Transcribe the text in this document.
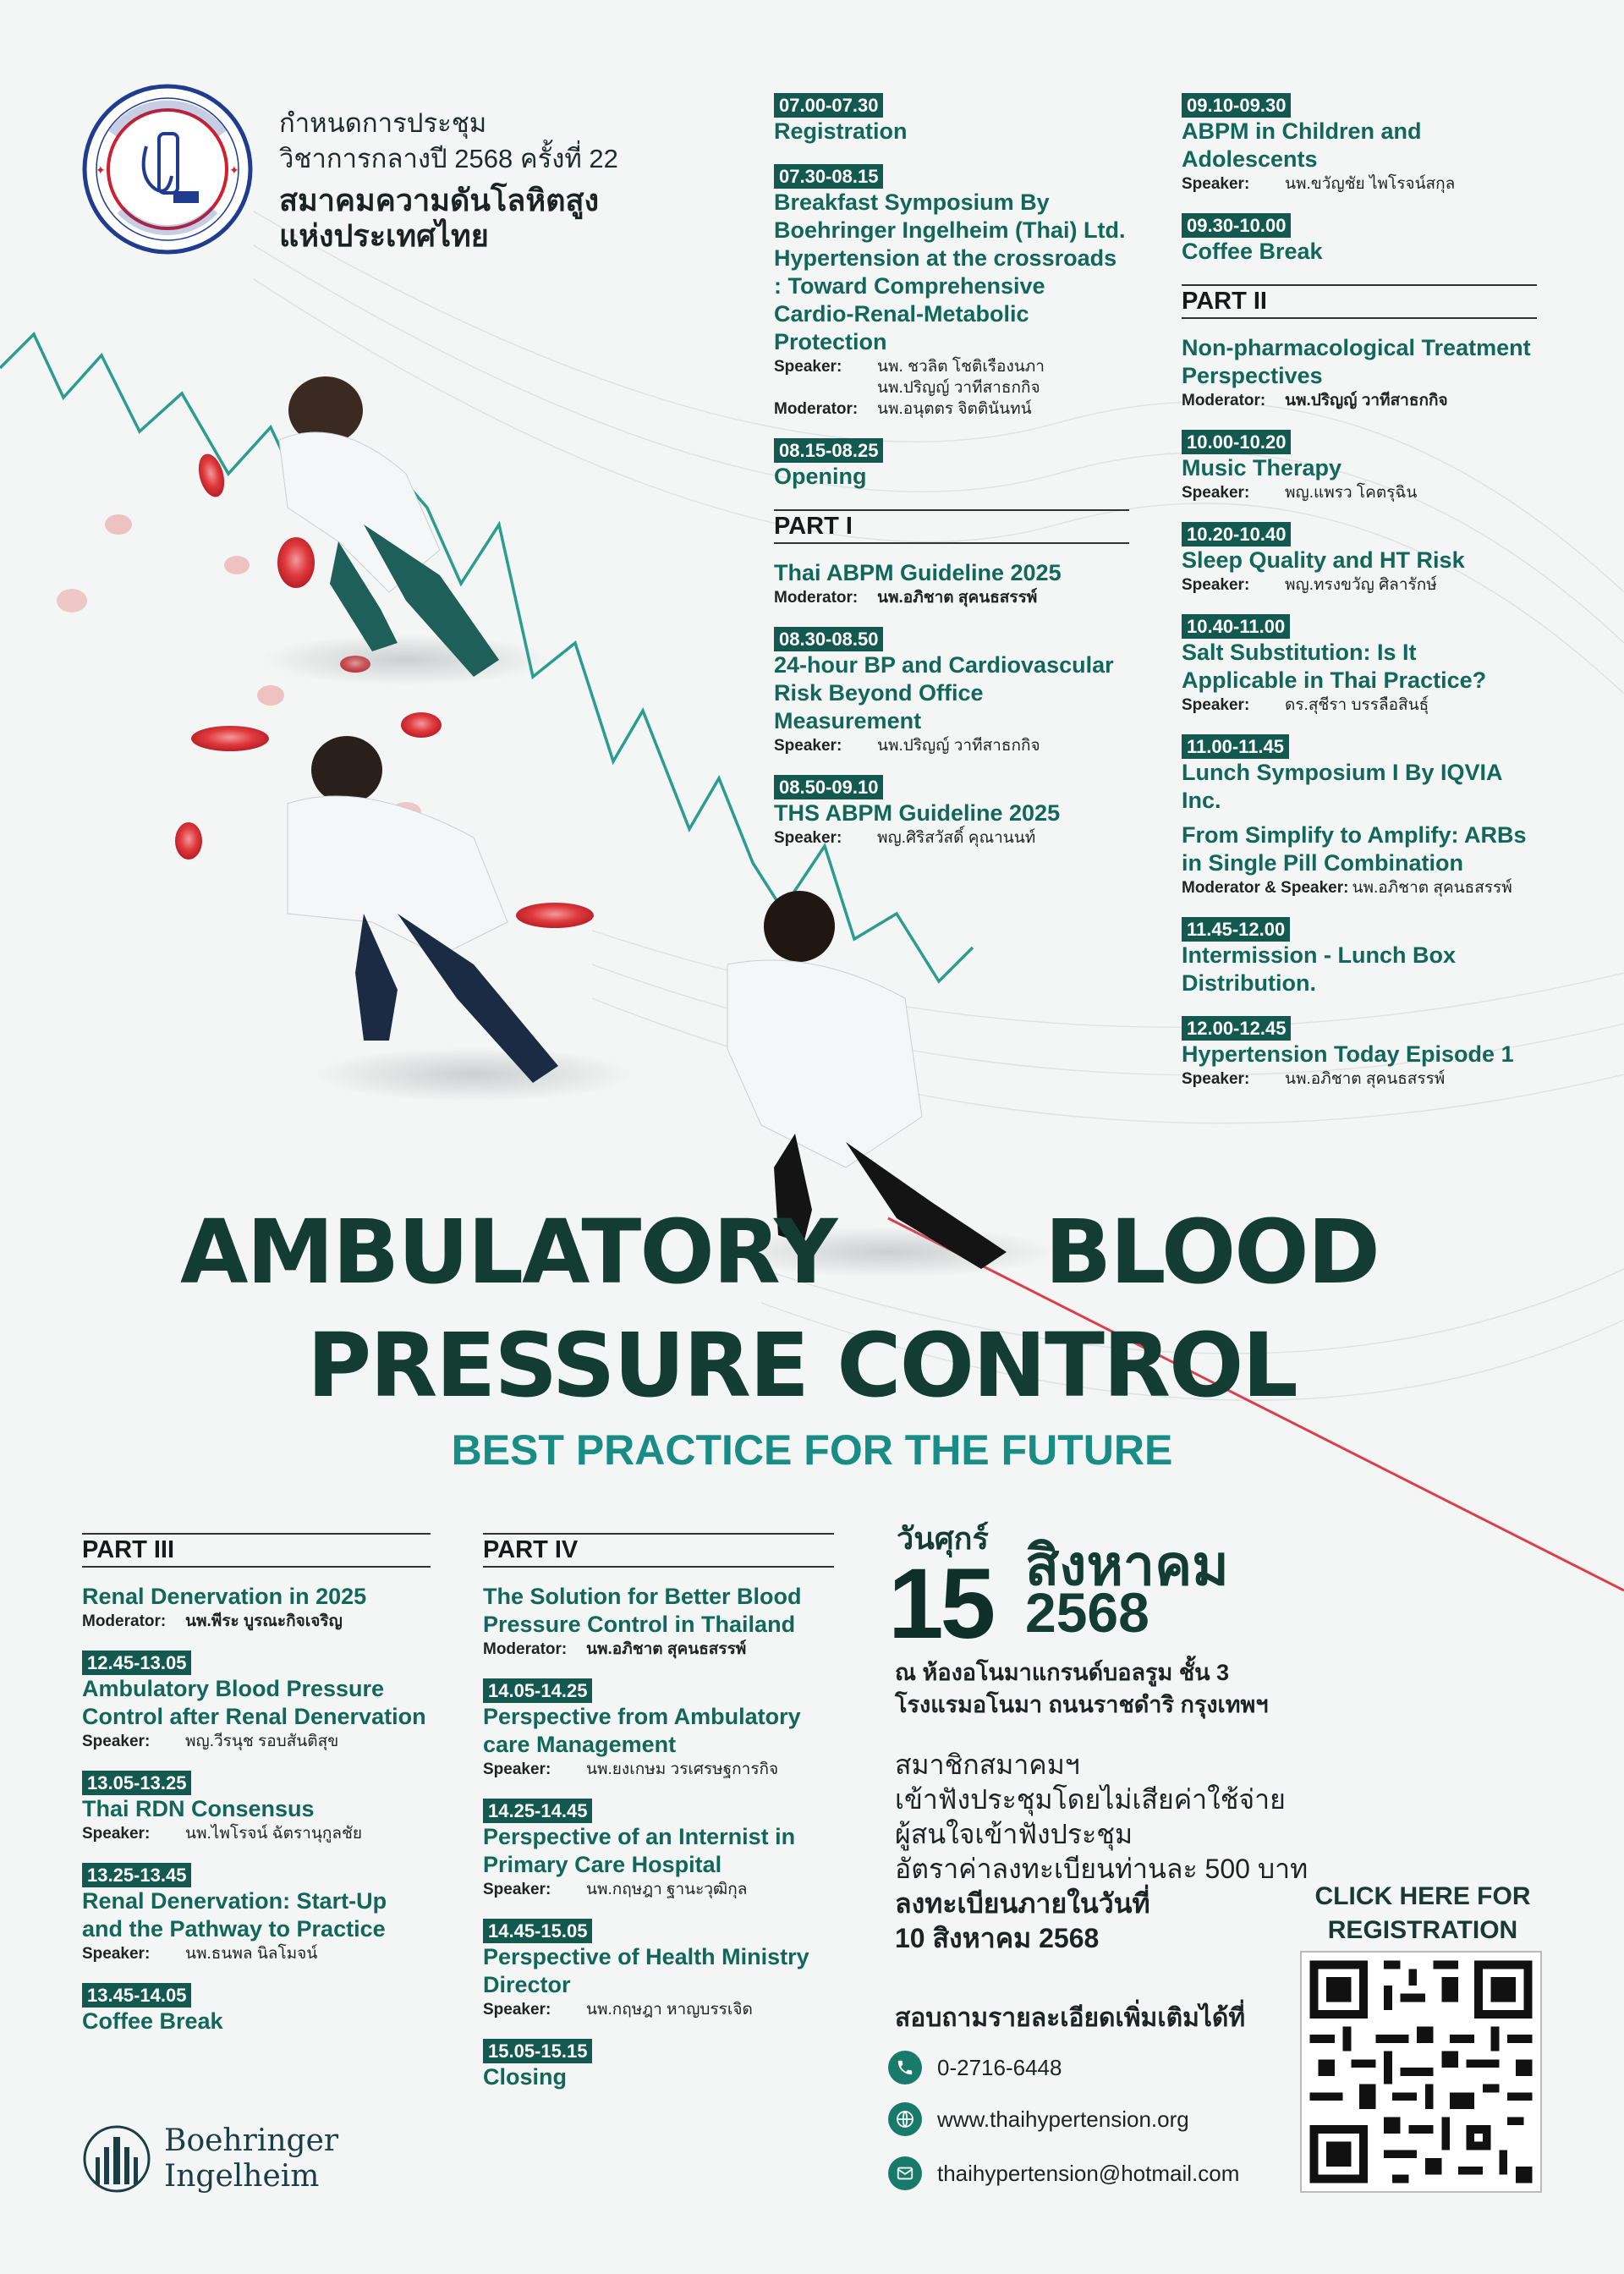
✦	✦
กำหนดการประชุม
วิชาการกลางปี 2568 ครั้งที่ 22
สมาคมความดันโลหิตสูง
แห่งประเทศไทย
07.00-07.30
Registration
07.30-08.15
Breakfast Symposium By Boehringer Ingelheim (Thai) Ltd. Hypertension at the crossroads : Toward Comprehensive Cardio-Renal-Metabolic Protection
Speaker:	นพ. ชวลิต โชติเรืองนภา
นพ.ปริญญ์ วาทีสาธกกิจ
Moderator:	นพ.อนุตตร จิตตินันทน์
08.15-08.25
Opening
PART I
Thai ABPM Guideline 2025
Moderator:	นพ.อภิชาต สุคนธสรรพ์
08.30-08.50
24-hour BP and Cardiovascular Risk Beyond Office Measurement
Speaker:	นพ.ปริญญ์ วาทีสาธกกิจ
08.50-09.10
THS ABPM Guideline 2025
Speaker:	พญ.ศิริสวัสดิ์ คุณานนท์
09.10-09.30
ABPM in Children and Adolescents
Speaker:	นพ.ขวัญชัย ไพโรจน์สกุล
09.30-10.00
Coffee Break
PART II
Non-pharmacological Treatment Perspectives
Moderator:	นพ.ปริญญ์ วาทีสาธกกิจ
10.00-10.20
Music Therapy
Speaker:	พญ.แพรว โคตรุฉิน
10.20-10.40
Sleep Quality and HT Risk
Speaker:	พญ.ทรงขวัญ ศิลารักษ์
10.40-11.00
Salt Substitution: Is It Applicable in Thai Practice?
Speaker:	ดร.สุชีรา บรรลือสินธุ์
11.00-11.45
Lunch Symposium I By IQVIA Inc.
From Simplify to Amplify: ARBs in Single Pill Combination
Moderator & Speaker: นพ.อภิชาต สุคนธสรรพ์
11.45-12.00
Intermission - Lunch Box Distribution.
12.00-12.45
Hypertension Today Episode 1
Speaker:	นพ.อภิชาต สุคนธสรรพ์
AMBULATORY BLOOD
PRESSURE CONTROL
BEST PRACTICE FOR THE FUTURE
PART III
Renal Denervation in 2025
Moderator:	นพ.พีระ บูรณะกิจเจริญ
12.45-13.05
Ambulatory Blood Pressure Control after Renal Denervation
Speaker:	พญ.วีรนุช รอบสันติสุข
13.05-13.25
Thai RDN Consensus
Speaker:	นพ.ไพโรจน์ ฉัตรานุกูลชัย
13.25-13.45
Renal Denervation: Start-Up and the Pathway to Practice
Speaker:	นพ.ธนพล นิลโมจน์
13.45-14.05
Coffee Break
PART IV
The Solution for Better Blood Pressure Control in Thailand
Moderator:	นพ.อภิชาต สุคนธสรรพ์
14.05-14.25
Perspective from Ambulatory care Management
Speaker:	นพ.ยงเกษม วรเศรษฐการกิจ
14.25-14.45
Perspective of an Internist in Primary Care Hospital
Speaker:	นพ.กฤษฎา ฐานะวุฒิกุล
14.45-15.05
Perspective of Health Ministry Director
Speaker:	นพ.กฤษฎา หาญบรรเจิด
15.05-15.15
Closing
วันศุกร์
15 สิงหาคม
2568
ณ ห้องอโนมาแกรนด์บอลรูม ชั้น 3
โรงแรมอโนมา ถนนราชดำริ กรุงเทพฯ
สมาชิกสมาคมฯ
เข้าฟังประชุมโดยไม่เสียค่าใช้จ่าย
ผู้สนใจเข้าฟังประชุม
อัตราค่าลงทะเบียนท่านละ 500 บาท
ลงทะเบียนภายในวันที่
10 สิงหาคม 2568
สอบถามรายละเอียดเพิ่มเติมได้ที่
0-2716-6448
www.thaihypertension.org
thaihypertension@hotmail.com
CLICK HERE FOR
REGISTRATION
Boehringer
Ingelheim
